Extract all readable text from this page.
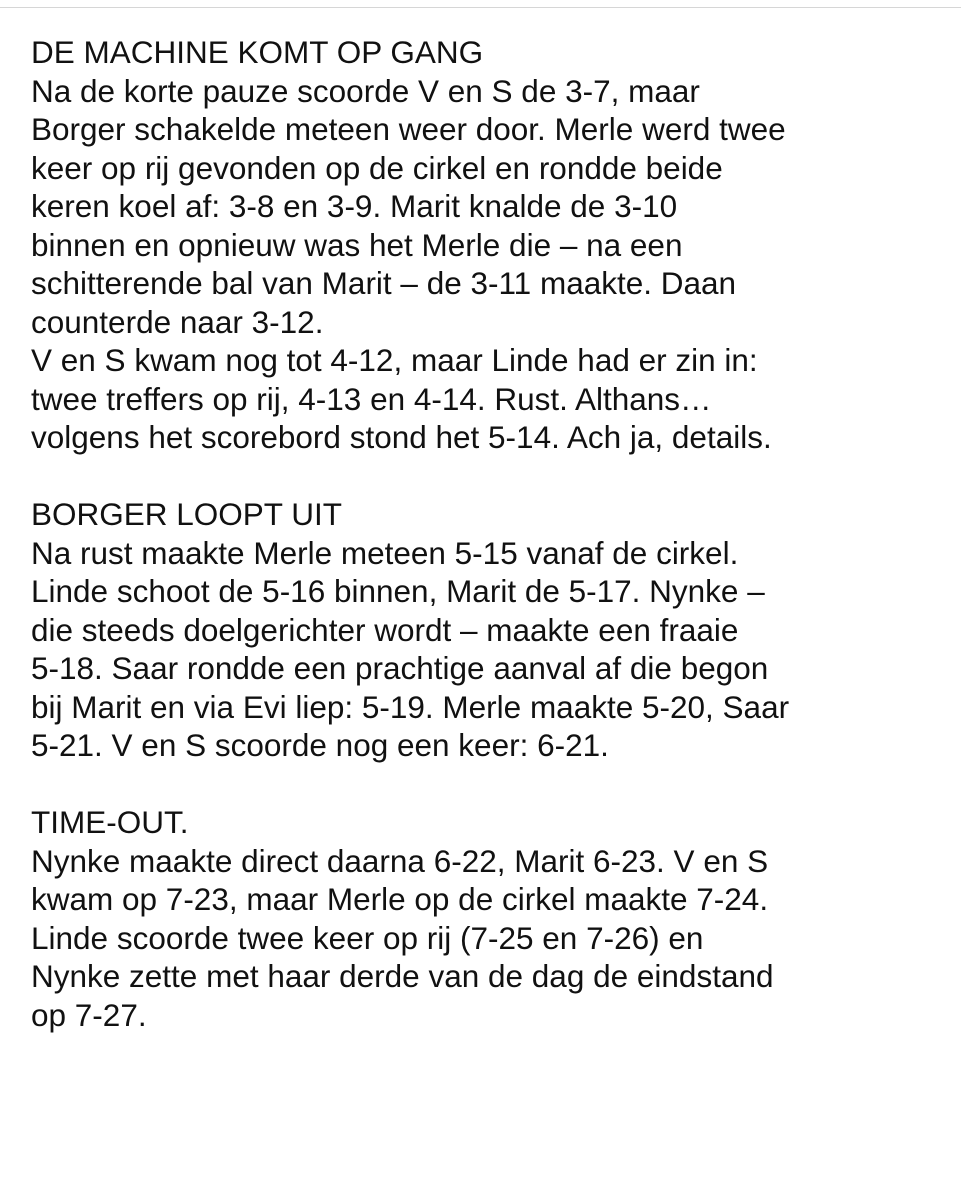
DE MACHINE KOMT OP GANG
Na de korte pauze scoorde V en S de 3-7, maar
Borger schakelde meteen weer door. Merle werd twee
keer op rij gevonden op de cirkel en rondde beide
keren koel af: 3-8 en 3-9. Marit knalde de 3-10
binnen en opnieuw was het Merle die – na een
schitterende bal van Marit – de 3-11 maakte. Daan
counterde naar 3-12.
V en S kwam nog tot 4-12, maar Linde had er zin in:
twee treffers op rij, 4-13 en 4-14. Rust. Althans…
volgens het scorebord stond het 5-14. Ach ja, details.
BORGER LOOPT UIT
Na rust maakte Merle meteen 5-15 vanaf de cirkel.
Linde schoot de 5-16 binnen, Marit de 5-17. Nynke –
die steeds doelgerichter wordt – maakte een fraaie
5-18. Saar rondde een prachtige aanval af die begon
bij Marit en via Evi liep: 5-19. Merle maakte 5-20, Saar
5-21. V en S scoorde nog een keer: 6-21.
TIME-OUT.
Nynke maakte direct daarna 6-22, Marit 6-23. V en S
kwam op 7-23, maar Merle op de cirkel maakte 7-24.
Linde scoorde twee keer op rij (7-25 en 7-26) en
Nynke zette met haar derde van de dag de eindstand
op 7-27.
